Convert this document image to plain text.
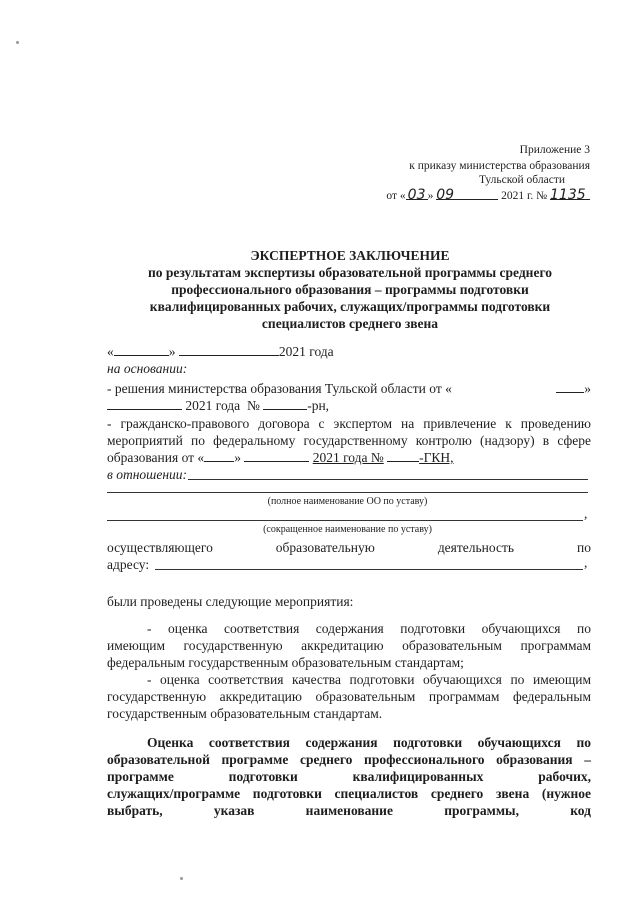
Приложение 3
к приказу министерства образования
Тульской области
от « 03 » 09	2021 г. № 1135
ЭКСПЕРТНОЕ ЗАКЛЮЧЕНИЕ
по результатам экспертизы образовательной программы среднего
профессионального образования – программы подготовки
квалифицированных рабочих, служащих/программы подготовки
специалистов среднего звена
«	»	2021 года
на основании:
- решения министерства образования Тульской области от «	»
2021 года №	-рн,
- гражданско-правового договора с экспертом на привлечение к проведению
мероприятий по федеральному государственному контролю (надзору) в сфере
образования от « »	2021 года №	-ГКН,
в отношении:
(полное наименование ОО по уставу)
,
(сокращенное наименование по уставу)
осуществляющего	образовательную	деятельность	по
адресу:	,
были проведены следующие мероприятия:
- оценка соответствия содержания подготовки обучающихся по
имеющим государственную аккредитацию образовательным программам
федеральным государственным образовательным стандартам;
- оценка соответствия качества подготовки обучающихся по имеющим
государственную аккредитацию образовательным программам федеральным
государственным образовательным стандартам.
Оценка соответствия содержания подготовки обучающихся по
образовательной программе среднего профессионального образования –
программе подготовки квалифицированных рабочих,
служащих/программе подготовки специалистов среднего звена (нужное
выбрать, указав наименование программы, код
